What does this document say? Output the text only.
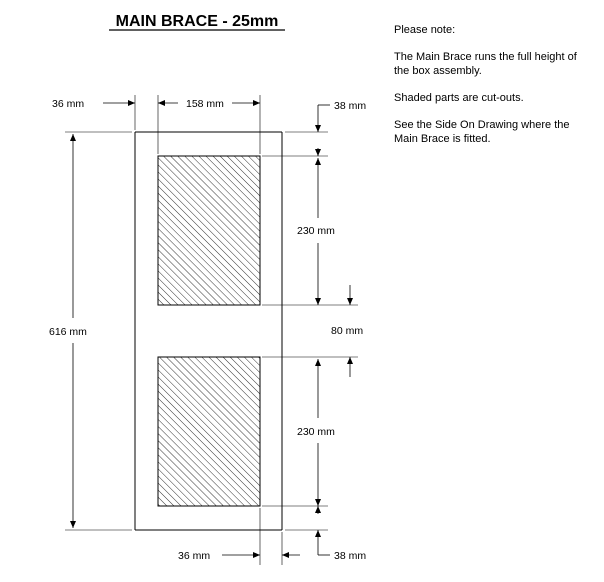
MAIN BRACE - 25mm	Please note:
The Main Brace runs the full height of
the box assembly.
Shaded parts are cut-outs.
See the Side On Drawing where the
Main Brace is fitted.
36 mm	158 mm	38 mm
230 mm
80 mm
230 mm
616 mm
36 mm	38 mm
